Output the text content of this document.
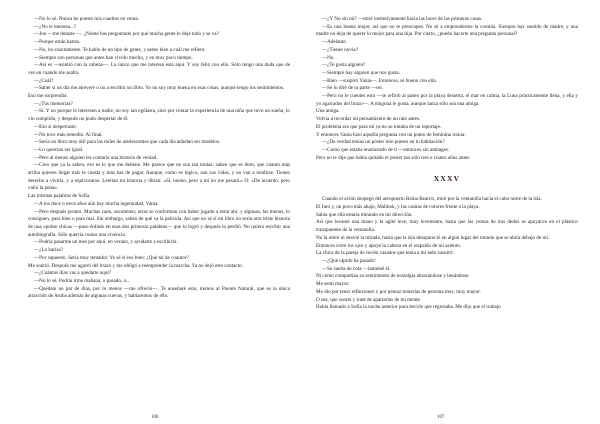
—No lo sé. Nunca he puesto mis cuadros en venta.

—¿No te interesa...?

—Jon —me dutaste —. ¿Nome has preguntado por qué mucha gente lo deja todo y se va?

—Porque están hartos.

—No, no exactamente. Te hablo de un tipo de gente, y sabes bien a cuál me refiero.

—Siempre son personas que antes han vivido mucho, y en muy poco tiempo.

—Así es —asintió con la cabeza—. Lo único que me interesa está aquí. Y soy feliz con ello. Sólo tengo una duda que de vez en cuando me asalta.

—¿Cuál?

—Saber si un día me atreveré o no a escribir un libro. Yo no soy muy buena en esas cosas, aunque tengo los sentimientos.

Eso me sorprendió.

—¿Tus memorias?

—Sí. Y no porque le interesen a nadie, no soy tan ególatra, sino por contar la experiencia de una niña que tuvo un sueño, lo vio cumplido, y después no pudo despertar de él.

—Eso si despertaste.

—No tuve más remedio. Al final.

—Sería un libro muy útil para las miles de adolescentes que cada día anhelan ser modelos.

—Lo querrían ser igual.

—Pero al menos alguien les contaría una historia de verdad.

—Creo que ya la saben, eso es lo que me detiene. Me parece que no son tan tontas; saben que es duro, que cuanto más arriba quieres llegar más te cuesta y más has de pagar. Aunque, como es lógico, son sus vidas, y no van a rendirse. Tienen derecho a vivirla, y a equivocarse. Leerían mi historia y dirían: «Sí, bueno, pero a mí no me pasará.» O: «De acuerdo, pero valió la pena».

Las mismas palabras de Sofía.

—A los doce o trece años aún hay mucha ingenuidad, Vania.

—Pero después pronto. Muchas caen, sucumben; otras se conforman con haber jugado a estar ahí, y algunas, las menos, lo consiguen, para bien o para mal. Sin embargo, saben de qué va la película. Así que no sé si mi libro no sería otra triste historia de una «pobre chica» —puso énfasis en esas dos primeras palabras— que lo logró y después lo perdió. No quiero escribir una autobiografía. Sólo querría contar una vivencia.

—Podría pasarme un mes por aquí, en verano, y ayudarte a escribirlo.

—¿Lo harías?

—Por supuesto. Sería muy tentador. Yo sé si eso bien: ¿Qué tal de coautor?

Me sonrió. Después me agarró del brazo y me obligó a reemprender la marcha. Ya no dejó este contacto.

—¿Cuántos días vas a quedarte aquí?

—No lo sé. Podría irme mañana, o pasado, o...

—Quédate un par de días, por lo menos —me ofreció—. Te enseñaré esto, iremos al Puente Natural, que es la única atracción de Aruba además de algunas cuevas, y hablaremos de ello.

106

—¿Y No sin mí? —miré instintivamente hacia las luces de las primeras casas.

—Es una buena mujer, así que no te preocupes. No sé a emprenderme la comida. Siempre hay sentido de madre, y una madre no deja de querer lo mejor para una hija. Por cierto, ¿puedo hacerte una pregunta personal?

—Adelante.

—¿Tienes novia?

—No.

—¿Te gusta alguien?

—Siempre hay alguien que nos gusta.

—Bien —suspiró Vania—. Entonces, sé bueno con ella.

—Se lo diré de tu parte —reí.

—Pero no le cuentes esto —se refirió al paseo por la playa desierta, el mar en calma, la Luna prácticamente llena, y ella y yo agarrados del brazo—. A ninguna le gusta, aunque lanza sólo sea una amiga.

Una amiga.

Volvía a recordar mi pensamiento de un rato antes.

El problema era que para mí ya no se trataba de un reportaje.

Y entonces Vania hizo aquella pregunta con un punto de feminina ironía:

—¿De verdad tenías un póster mío puesto en tu habitación?

—Como que estaba enamorado de ti —entonces sin ambages.

Pero no le dije que había quitado el póster tan sólo tres o cuatro años antes.

XXXV

Cuando el avión despegó del aeropuerto Reina Beatrix, miré por la ventanilla hacia el cabo norte de la isla.

El faro y, un poco más abajo, Malmok, y las casitas de colores frente a la playa.

Sabía que ella estaría mirando en mi dirección.

Así que levanté una mano y la agité leve, muy levemente, hasta que las yemas de mis dedos se apoyaron en el plástico transparente de la ventanilla.

No la retiré ni desvié la mirada, hasta que la isla desapareció en algún lugar del mundo que se abría debajo de mí.

Entonces cerré los ojos y apoyé la cabeza en el respaldo de mi asiento.

La chica de la pareja de recién casados que tenía a mi lado susurró:

—¿Qué rápido ha pasado!

—Se suelta de cola —lamenté él.

Ni cómo compartían su sentimiento de nostalgia abrazándose y besándose.

Me sentí mayor.

Me dio por tener reflexiones y por pensar tonterías de persona muy, muy mayor.

O sea, que sonreí y traté de apartarlas de mi mente.

Había llamado a Sofía la noche anterior para decirle que regresaba. Me dijo que el trabajo

107
